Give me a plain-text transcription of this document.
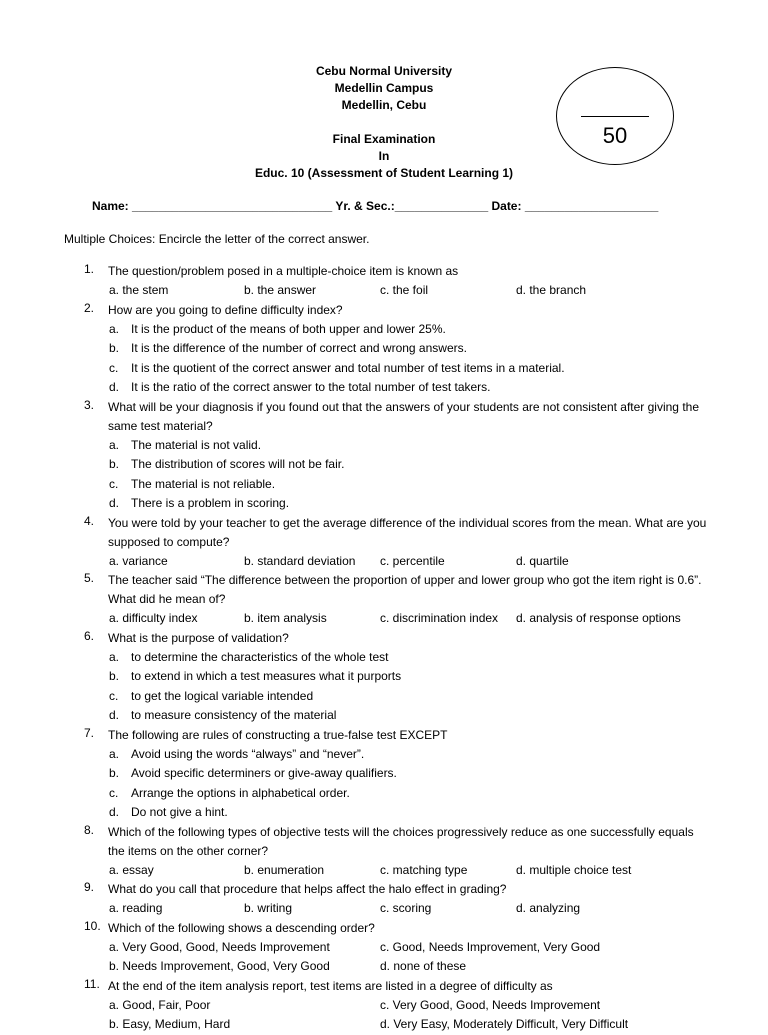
Cebu Normal University
Medellin Campus
Medellin, Cebu
Final Examination
In
Educ. 10 (Assessment of Student Learning 1)
50
Name: ______________________________ Yr. & Sec.:______________ Date: ____________________
Multiple Choices: Encircle the letter of the correct answer.
1.	The question/problem posed in a multiple-choice item is known as
a. the stem	b. the answer	c. the foil	d. the branch
2.	How are you going to define difficulty index?
a. It is the product of the means of both upper and lower 25%.
b. It is the difference of the number of correct and wrong answers.
c. It is the quotient of the correct answer and total number of test items in a material.
d. It is the ratio of the correct answer to the total number of test takers.
3.	What will be your diagnosis if you found out that the answers of your students are not consistent after giving the same test material?
a. The material is not valid.
b. The distribution of scores will not be fair.
c. The material is not reliable.
d. There is a problem in scoring.
4.	You were told by your teacher to get the average difference of the individual scores from the mean. What are you supposed to compute?
a. variance	b. standard deviation c. percentile	d. quartile
5.	The teacher said “The difference between the proportion of upper and lower group who got the item right is 0.6”. What did he mean of?
a. difficulty index	b. item analysis	c. discrimination index d. analysis of response options
6.	What is the purpose of validation?
a. to determine the characteristics of the whole test
b. to extend in which a test measures what it purports
c. to get the logical variable intended
d. to measure consistency of the material
7.	The following are rules of constructing a true-false test EXCEPT
a. Avoid using the words “always” and “never”.
b. Avoid specific determiners or give-away qualifiers.
c. Arrange the options in alphabetical order.
d. Do not give a hint.
8.	Which of the following types of objective tests will the choices progressively reduce as one successfully equals the items on the other corner?
a. essay	b. enumeration	c. matching type	d. multiple choice test
9.	What do you call that procedure that helps affect the halo effect in grading?
a. reading	b. writing	c. scoring	d. analyzing
10. Which of the following shows a descending order?
a. Very Good, Good, Needs Improvement	c. Good, Needs Improvement, Very Good
b. Needs Improvement, Good, Very Good	d. none of these
11. At the end of the item analysis report, test items are listed in a degree of difficulty as
a. Good, Fair, Poor	c. Very Good, Good, Needs Improvement
b. Easy, Medium, Hard	d. Very Easy, Moderately Difficult, Very Difficult
